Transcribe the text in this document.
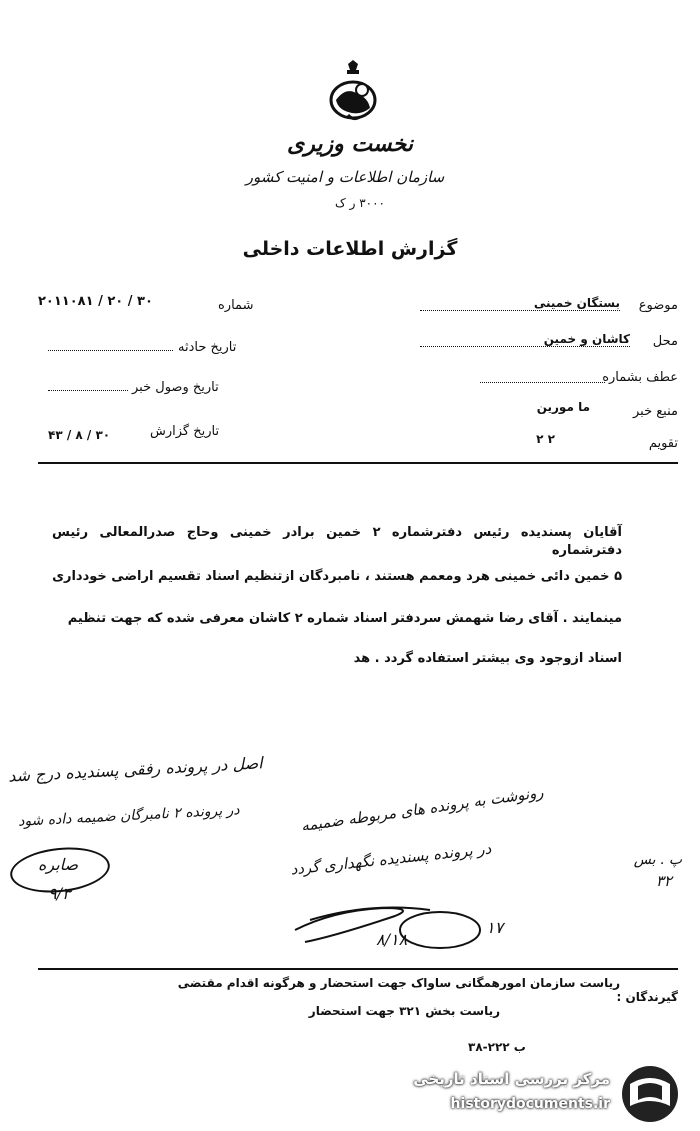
نخست وزیری
سازمان اطلاعات و امنیت کشور
۳۰۰۰ ر ک
گزارش اطلاعات داخلی
موضوع
بستگان خمینی
محل
کاشان و خمین
عطف بشماره
منبع خبر
ما مورین
تقویم
۲ ۲
شماره
۲۰۱۱۰۸۱ / ۲۰ / ۳۰
تاریخ حادثه
تاریخ وصول خبر
تاریخ گزارش
۴۳ / ۸ / ۳۰
آقایان پسندیده رئیس دفترشماره ۲ خمین برادر خمینی وحاج صدرالمعالی رئیس دفترشماره
۵ خمین دائی خمینی هرد ومعمم هستند ، نامبردگان ازتنظیم اسناد تقسیم اراضی خودداری
مینمایند . آقای رضا شهمش سردفتر اسناد شماره ۲ کاشان معرفی شده که جهت تنظیم
اسناد ازوجود وی بیشتر استفاده گردد . هد
اصل در پرونده رفقی پسندیده درج شد
در پرونده ۲ نامبرگان ضمیمه داده شود
صابره
۹/۳
رونوشت به پرونده های مربوطه ضمیمه
در پرونده پسندیده نگهداری گردد
۸/۱۸
۱۷
پ . بس
۳۲
ریاست سازمان امورهمگانی ساواک جهت استحضار و هرگونه اقدام مقتضی
گیرندگان :
ریاست بخش ۳۲۱ جهت استحضار
۳۸-۲۲۲ ب
مرکز بررسی اسناد تاریخی
historydocuments.ir
